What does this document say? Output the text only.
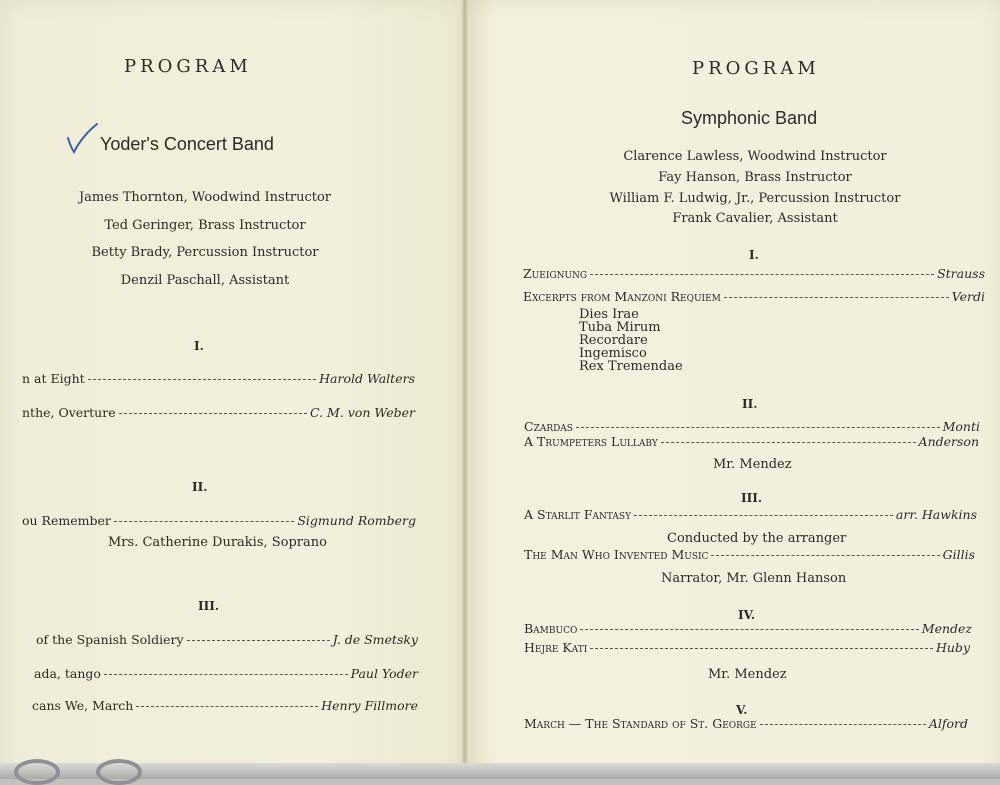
PROGRAM
Yoder's Concert Band
James Thornton, Woodwind Instructor
Ted Geringer, Brass Instructor
Betty Brady, Percussion Instructor
Denzil Paschall, Assistant
I.
n at Eight	Harold Walters
nthe, Overture	C. M. von Weber
II.
ou Remember	Sigmund Romberg
Mrs. Catherine Durakis, Soprano
III.
of the Spanish Soldiery	J. de Smetsky
ada, tango	Paul Yoder
cans We, March	Henry Fillmore
PROGRAM
Symphonic Band
Clarence Lawless, Woodwind Instructor
Fay Hanson, Brass Instructor
William F. Ludwig, Jr., Percussion Instructor
Frank Cavalier, Assistant
I.
Zueignung	Strauss
Excerpts from Manzoni Requiem	Verdi
Dies Irae
Tuba Mirum
Recordare
Ingemisco
Rex Tremendae
II.
Czardas	Monti
A Trumpeters Lullaby	Anderson
Mr. Mendez
III.
A Starlit Fantasy	arr. Hawkins
Conducted by the arranger
The Man Who Invented Music	Gillis
Narrator, Mr. Glenn Hanson
IV.
Bambuco	Mendez
Hejre Kati	Huby
Mr. Mendez
V.
March — The Standard of St. George	Alford
